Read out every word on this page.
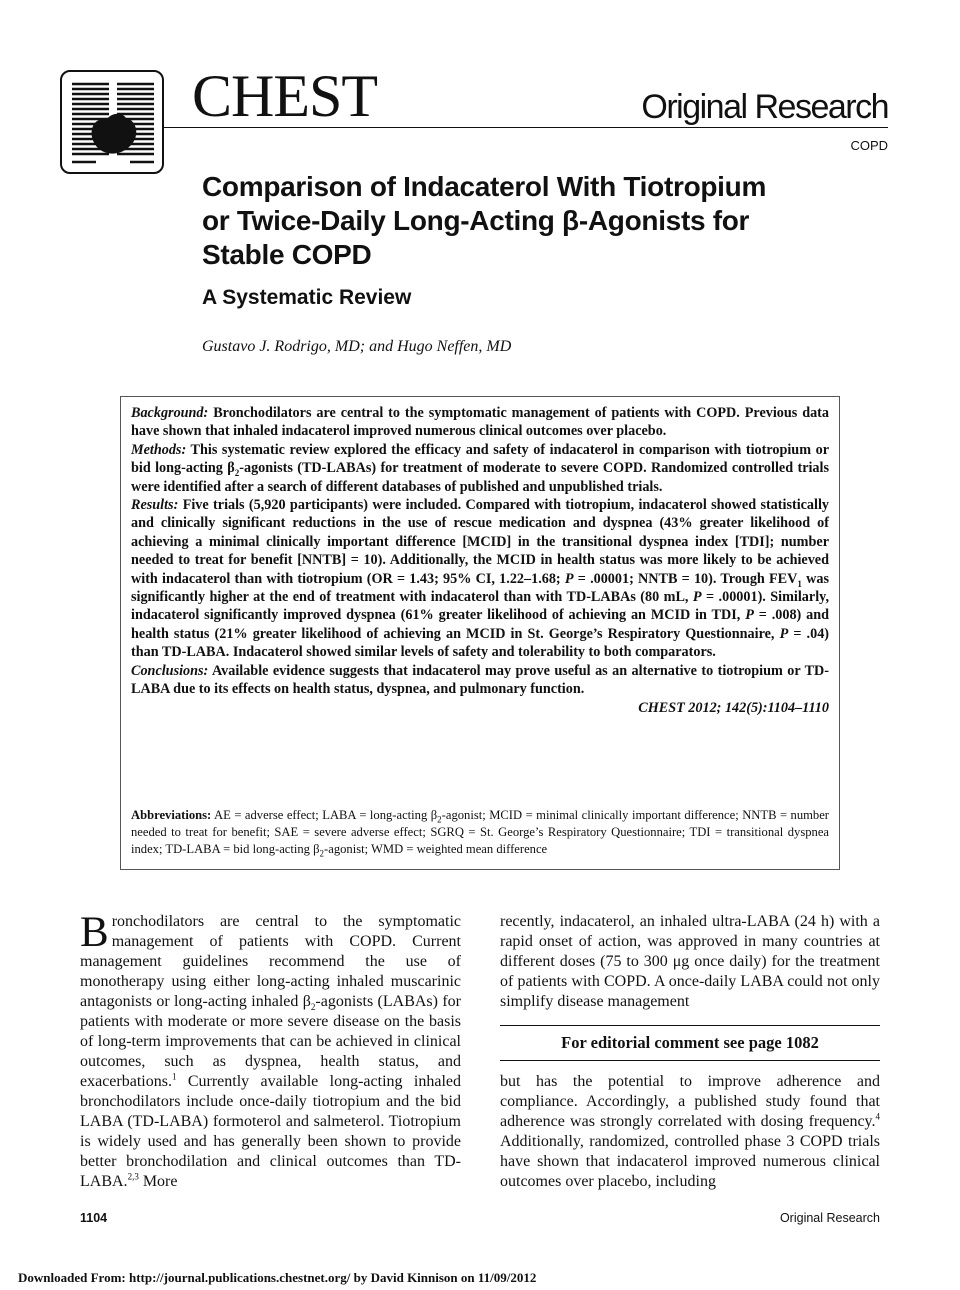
CHEST	Original Research
COPD
Comparison of Indacaterol With Tiotropium
or Twice-Daily Long-Acting β-Agonists for
Stable COPD
A Systematic Review
Gustavo J. Rodrigo, MD; and Hugo Neffen, MD

Background: Bronchodilators are central to the symptomatic management of patients with COPD. Previous data have shown that inhaled indacaterol improved numerous clinical outcomes over placebo.

Methods: This systematic review explored the efficacy and safety of indacaterol in comparison with tiotropium or bid long-acting $\beta_2$-agonists (TD-LABAs) for treatment of moderate to severe COPD. Randomized controlled trials were identified after a search of different databases of published and unpublished trials.

Results: Five trials (5,920 participants) were included. Compared with tiotropium, indacaterol showed statistically and clinically significant reductions in the use of rescue medication and dyspnea (43% greater likelihood of achieving a minimal clinically important difference [MCID] in the transitional dyspnea index [TDI]; number needed to treat for benefit [NNTB] = 10). Additionally, the MCID in health status was more likely to be achieved with indacaterol than with tiotropium (OR = 1.43; 95% CI, 1.22–1.68; P = .00001; NNTB = 10). Trough $FEV_1$ was significantly higher at the end of treatment with indacaterol than with TD-LABAs (80 mL, P = .00001). Similarly, indacaterol significantly improved dyspnea (61% greater likelihood of achieving an MCID in TDI, P = .008) and health status (21% greater likelihood of achieving an MCID in St. George’s Respiratory Questionnaire, P = .04) than TD-LABA. Indacaterol showed similar levels of safety and tolerability to both comparators.

Conclusions: Available evidence suggests that indacaterol may prove useful as an alternative to tiotropium or TD-LABA due to its effects on health status, dyspnea, and pulmonary function.

CHEST 2012; 142(5):1104–1110

Abbreviations: AE = adverse effect; LABA = long-acting $\beta_2$-agonist; MCID = minimal clinically important difference; NNTB = number needed to treat for benefit; SAE = severe adverse effect; SGRQ = St. George’s Respiratory Questionnaire; TDI = transitional dyspnea index; TD-LABA = bid long-acting $\beta_2$-agonist; WMD = weighted mean difference

Bronchodilators are central to the symptomatic management of patients with COPD. Current management guidelines recommend the use of monotherapy using either long-acting inhaled muscarinic antagonists or long-acting inhaled $\beta_2$-agonists (LABAs) for patients with moderate or more severe disease on the basis of long-term improvements that can be achieved in clinical outcomes, such as dyspnea, health status, and exacerbations.$^1$ Currently available long-acting inhaled bronchodilators include once-daily tiotropium and the bid LABA (TD-LABA) formoterol and salmeterol. Tiotropium is widely used and has generally been shown to provide better bronchodilation and clinical outcomes than TD-LABA.$^{2,3}$ More

recently, indacaterol, an inhaled ultra-LABA (24 h) with a rapid onset of action, was approved in many countries at different doses (75 to 300 μg once daily) for the treatment of patients with COPD. A once-daily LABA could not only simplify disease management

For editorial comment see page 1082

but has the potential to improve adherence and compliance. Accordingly, a published study found that adherence was strongly correlated with dosing frequency.$^4$ Additionally, randomized, controlled phase 3 COPD trials have shown that indacaterol improved numerous clinical outcomes over placebo, including

1104	Original Research
Downloaded From: http://journal.publications.chestnet.org/ by David Kinnison on 11/09/2012
